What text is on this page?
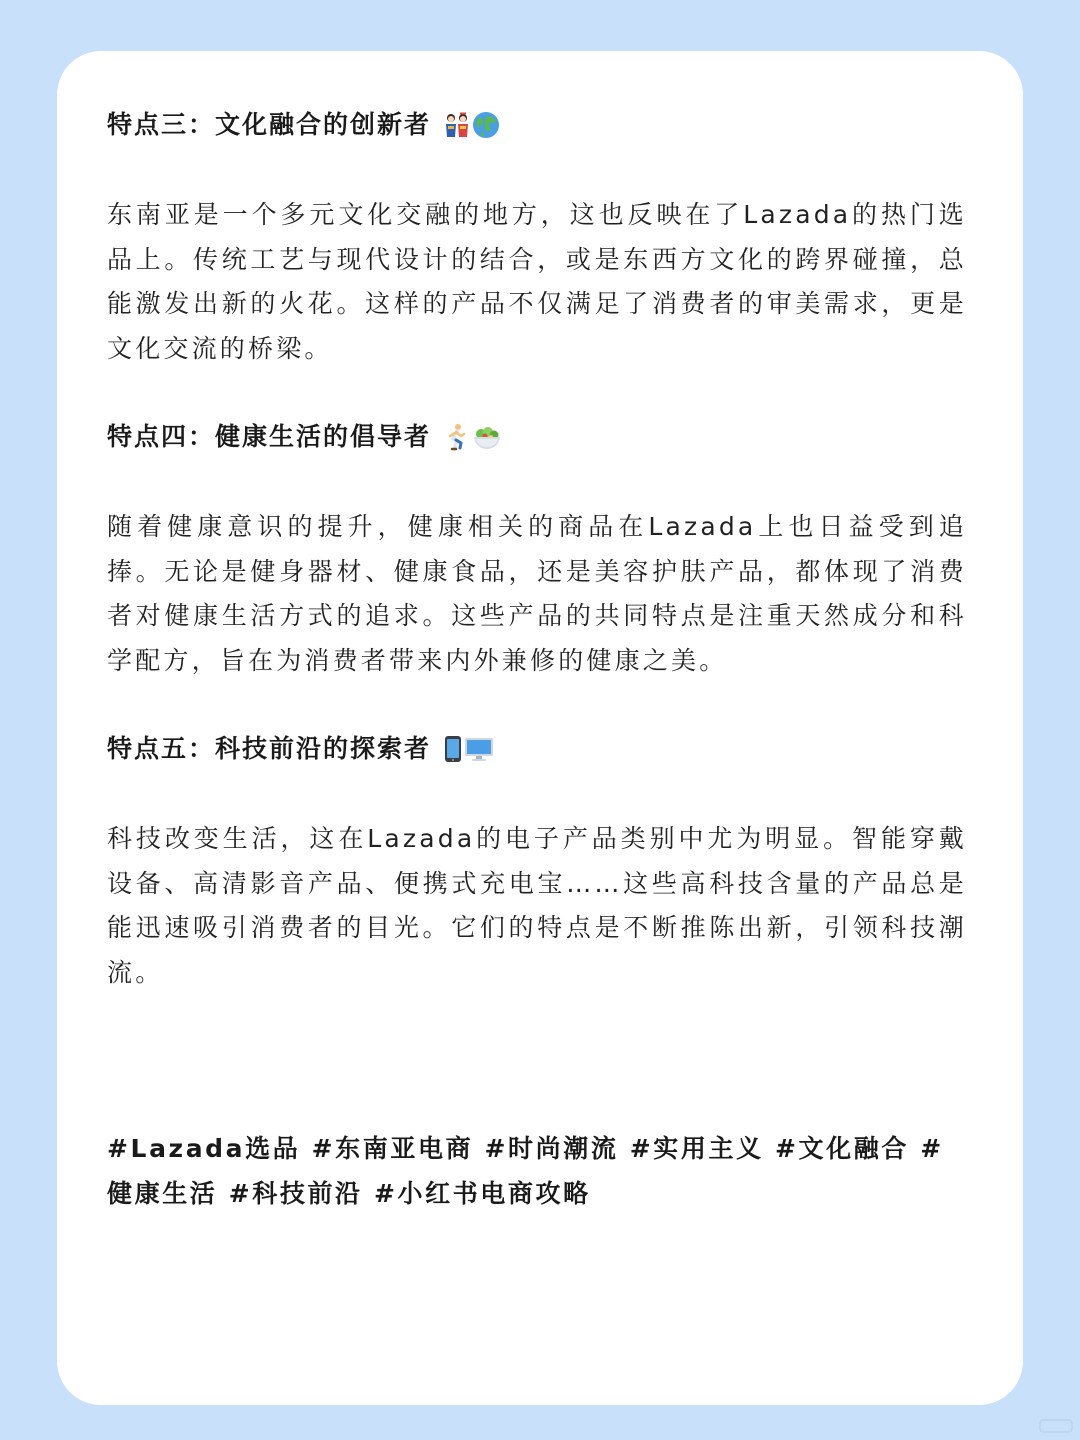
特点三：文化融合的创新者

东南亚是一个多元文化交融的地方，这也反映在了Lazada的热门选品上。传统工艺与现代设计的结合，或是东西方文化的跨界碰撞，总能激发出新的火花。这样的产品不仅满足了消费者的审美需求，更是文化交流的桥梁。

特点四：健康生活的倡导者

随着健康意识的提升，健康相关的商品在Lazada上也日益受到追捧。无论是健身器材、健康食品，还是美容护肤产品，都体现了消费者对健康生活方式的追求。这些产品的共同特点是注重天然成分和科学配方，旨在为消费者带来内外兼修的健康之美。

特点五：科技前沿的探索者

科技改变生活，这在Lazada的电子产品类别中尤为明显。智能穿戴设备、高清影音产品、便携式充电宝……这些高科技含量的产品总是能迅速吸引消费者的目光。它们的特点是不断推陈出新，引领科技潮流。

#Lazada选品 #东南亚电商 #时尚潮流 #实用主义 #文化融合 #健康生活 #科技前沿 #小红书电商攻略
